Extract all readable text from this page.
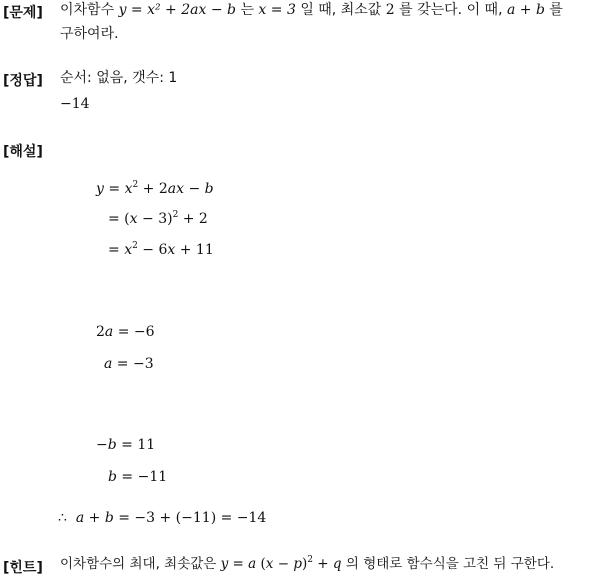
[문제] 이차함수 y = x² + 2ax − b 는 x = 3 일 때, 최소값 2 를 갖는다. 이 때, a + b 를
구하여라.
[정답] 순서: 없음, 갯수: 1
−14
[해설]
$y = x^2 + 2ax - b$
= $(x - 3)^2 + 2$
= $x^2 - 6x + 11$
2a = −6
a = −3
−b = 11
b = −11
∴  a + b = −3 + (−11) = −14
[힌트] 이차함수의 최대, 최솟값은 y = a $(x - p)^2 + q$ 의 형태로 함수식을 고친 뒤 구한다.
